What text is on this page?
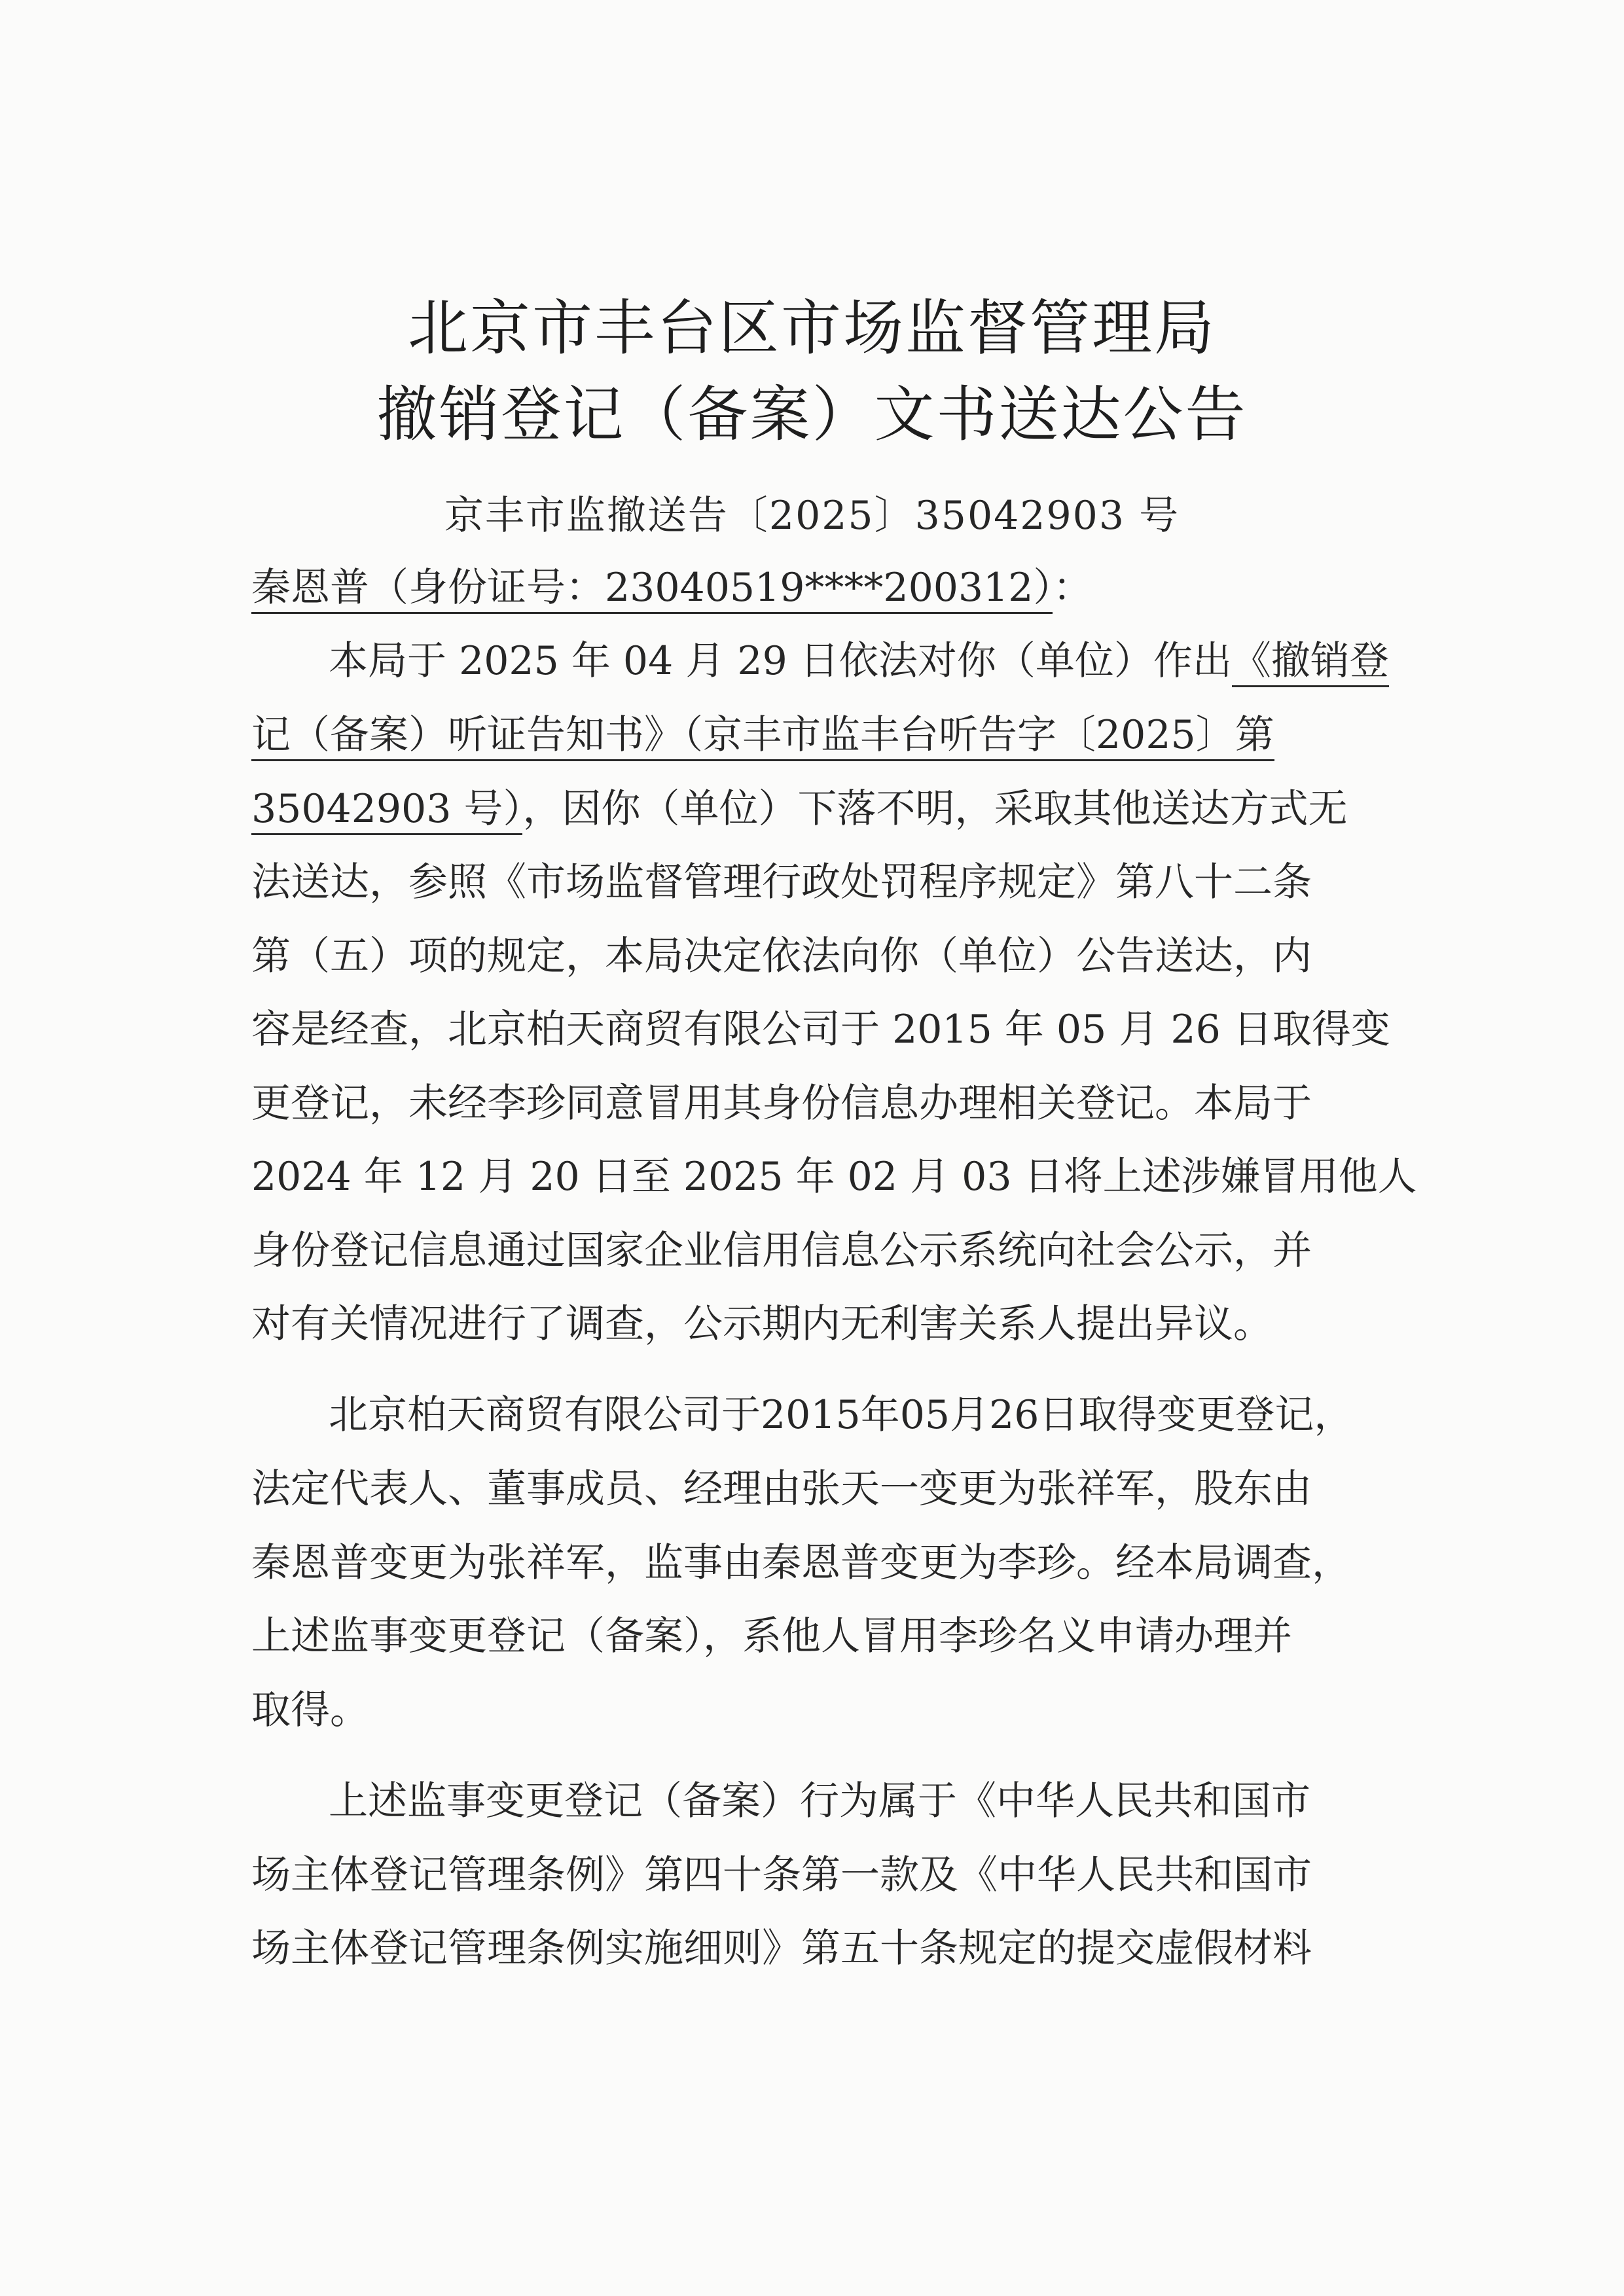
北京市丰台区市场监督管理局
撤销登记（备案）文书送达公告
京丰市监撤送告〔2025〕35042903 号
秦恩普（身份证号：23040519****200312）：
本局于 2025 年 04 月 29 日依法对你（单位）作出《撤销登
记（备案）听证告知书》（京丰市监丰台听告字〔2025〕第
35042903 号），因你（单位）下落不明，采取其他送达方式无
法送达，参照《市场监督管理行政处罚程序规定》第八十二条
第（五）项的规定，本局决定依法向你（单位）公告送达，内
容是经查，北京柏天商贸有限公司于 2015 年 05 月 26 日取得变
更登记，未经李珍同意冒用其身份信息办理相关登记。本局于
2024 年 12 月 20 日至 2025 年 02 月 03 日将上述涉嫌冒用他人
身份登记信息通过国家企业信用信息公示系统向社会公示，并
对有关情况进行了调查，公示期内无利害关系人提出异议。
北京柏天商贸有限公司于2015年05月26日取得变更登记，
法定代表人、董事成员、经理由张天一变更为张祥军，股东由
秦恩普变更为张祥军，监事由秦恩普变更为李珍。经本局调查，
上述监事变更登记（备案），系他人冒用李珍名义申请办理并
取得。
上述监事变更登记（备案）行为属于《中华人民共和国市
场主体登记管理条例》第四十条第一款及《中华人民共和国市
场主体登记管理条例实施细则》第五十条规定的提交虚假材料
